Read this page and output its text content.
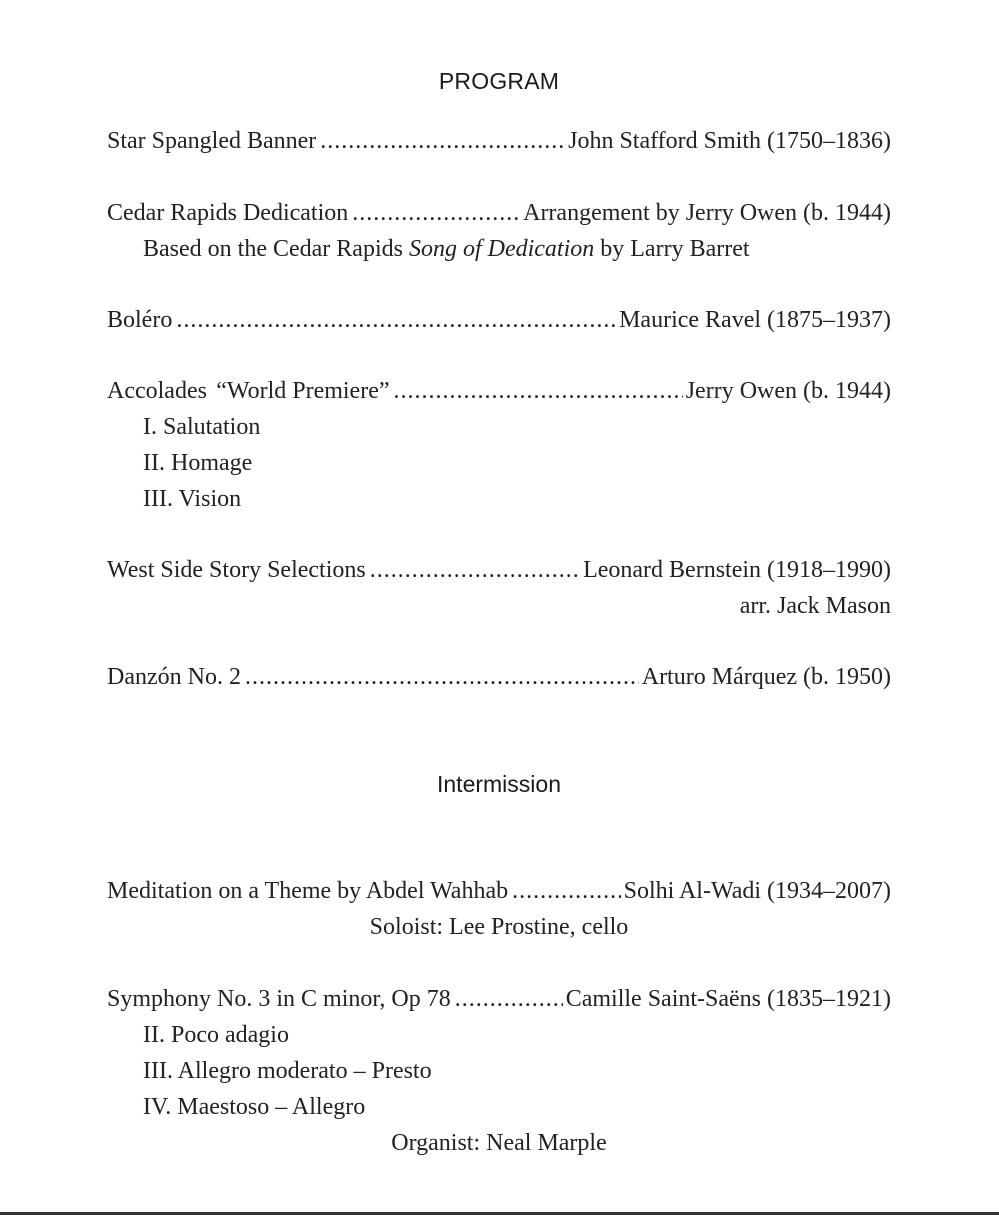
PROGRAM
Star Spangled Banner .....	John Stafford Smith (1750–1836)
Cedar Rapids Dedication .....	Arrangement by Jerry Owen (b. 1944)
Based on the Cedar Rapids Song of Dedication by Larry Barret
Boléro .....	Maurice Ravel (1875–1937)
Accolades “World Premiere” .....	Jerry Owen (b. 1944)
I. Salutation
II. Homage
III. Vision
West Side Story Selections .....	Leonard Bernstein (1918–1990)
arr. Jack Mason
Danzón No. 2 .....	Arturo Márquez (b. 1950)
Intermission
Meditation on a Theme by Abdel Wahhab .....	Solhi Al-Wadi (1934–2007)
Soloist: Lee Prostine, cello
Symphony No. 3 in C minor, Op 78 .....	Camille Saint-Saëns (1835–1921)
II. Poco adagio
III. Allegro moderato – Presto
IV. Maestoso – Allegro
Organist: Neal Marple
